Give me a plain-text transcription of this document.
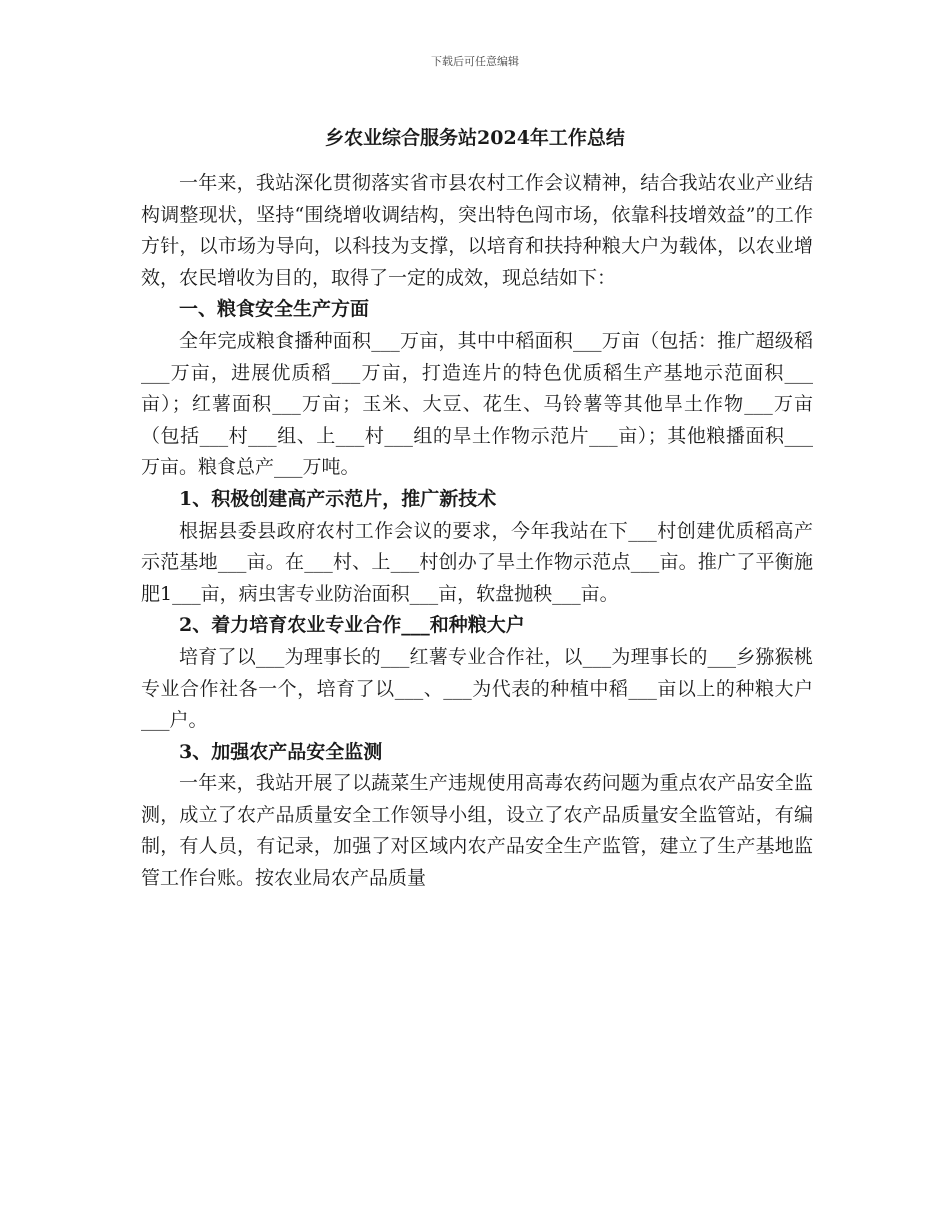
下载后可任意编辑
乡农业综合服务站2024年工作总结

一年来，我站深化贯彻落实省市县农村工作会议精神，结合我站农业产业结构调整现状，坚持“围绕增收调结构，突出特色闯市场，依靠科技增效益”的工作方针，以市场为导向，以科技为支撑，以培育和扶持种粮大户为载体，以农业增效，农民增收为目的，取得了一定的成效，现总结如下：

一、粮食安全生产方面

全年完成粮食播种面积___万亩，其中中稻面积___万亩（包括：推广超级稻___万亩，进展优质稻___万亩，打造连片的特色优质稻生产基地示范面积___亩）；红薯面积___万亩；玉米、大豆、花生、马铃薯等其他旱土作物___万亩（包括___村___组、上___村___组的旱土作物示范片___亩）；其他粮播面积___万亩。粮食总产___万吨。

1、积极创建高产示范片，推广新技术

根据县委县政府农村工作会议的要求，今年我站在下___村创建优质稻高产示范基地___亩。在___村、上___村创办了旱土作物示范点___亩。推广了平衡施肥1___亩，病虫害专业防治面积___亩，软盘抛秧___亩。

2、着力培育农业专业合作___和种粮大户

培育了以___为理事长的___红薯专业合作社，以___为理事长的___乡猕猴桃专业合作社各一个，培育了以___、___为代表的种植中稻___亩以上的种粮大户___户。

3、加强农产品安全监测

一年来，我站开展了以蔬菜生产违规使用高毒农药问题为重点农产品安全监测，成立了农产品质量安全工作领导小组，设立了农产品质量安全监管站，有编制，有人员，有记录，加强了对区域内农产品安全生产监管，建立了生产基地监管工作台账。按农业局农产品质量
